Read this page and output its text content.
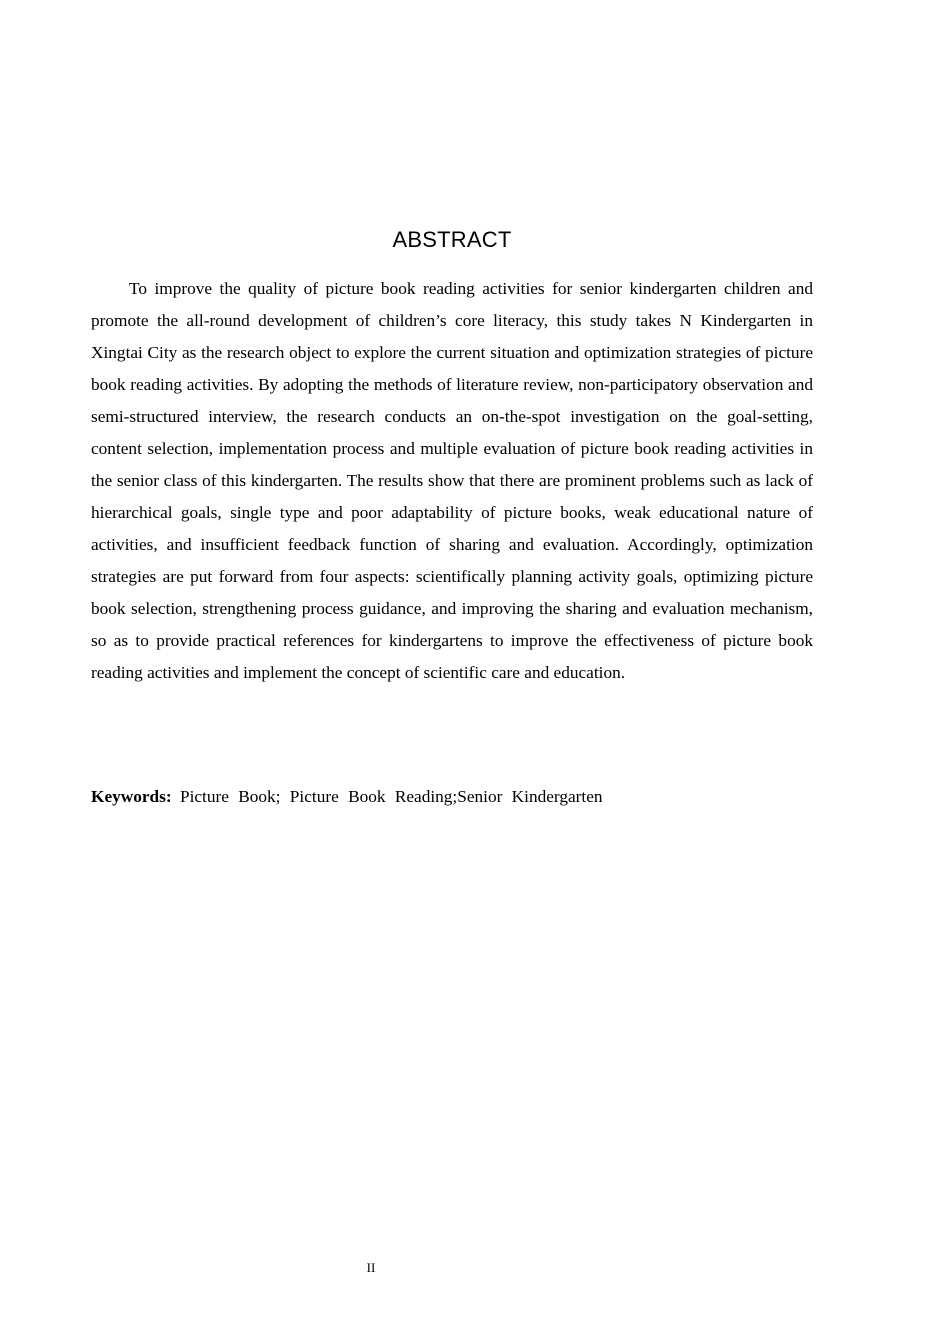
ABSTRACT

To improve the quality of picture book reading activities for senior kindergarten children and promote the all-round development of children’s core literacy, this study takes N Kindergarten in Xingtai City as the research object to explore the current situation and optimization strategies of picture book reading activities. By adopting the methods of literature review, non-participatory observation and semi-structured interview, the research conducts an on-the-spot investigation on the goal-setting, content selection, implementation process and multiple evaluation of picture book reading activities in the senior class of this kindergarten. The results show that there are prominent problems such as lack of hierarchical goals, single type and poor adaptability of picture books, weak educational nature of activities, and insufficient feedback function of sharing and evaluation. Accordingly, optimization strategies are put forward from four aspects: scientifically planning activity goals, optimizing picture book selection, strengthening process guidance, and improving the sharing and evaluation mechanism, so as to provide practical references for kindergartens to improve the effectiveness of picture book reading activities and implement the concept of scientific care and education.

Keywords: Picture Book; Picture Book Reading;Senior Kindergarten
II
